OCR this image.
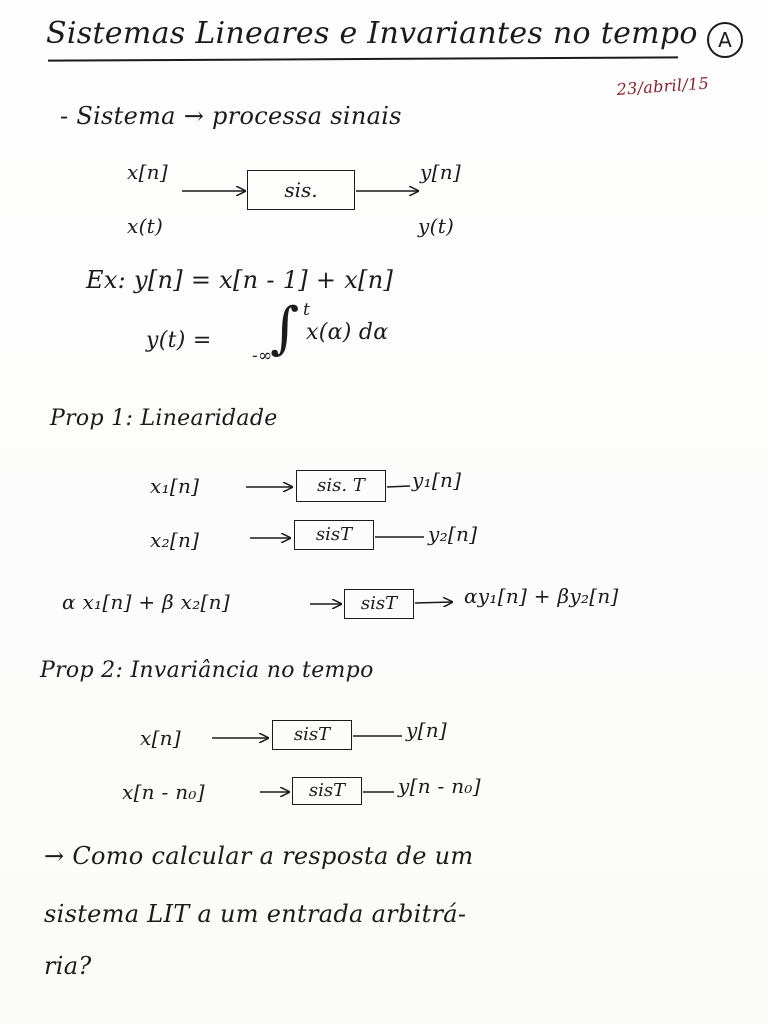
Sistemas Lineares e Invariantes no tempo	A
23/abril/15
- Sistema → processa sinais
x[n]
x(t)
sis.
y[n]
y(t)
Ex: y[n] = x[n - 1] + x[n]
y(t) = ∫ t
-∞
x(α) dα
Prop 1: Linearidade
x₁[n]	sis. T	y₁[n]
x₂[n]	sisT	y₂[n]
α x₁[n] + β x₂[n]	sisT	αy₁[n] + βy₂[n]
Prop 2: Invariância no tempo
x[n]	sisT	y[n]
x[n - n₀]	sisT	y[n - n₀]
→ Como calcular a resposta de um
sistema LIT a um entrada arbitrá-
ria?
